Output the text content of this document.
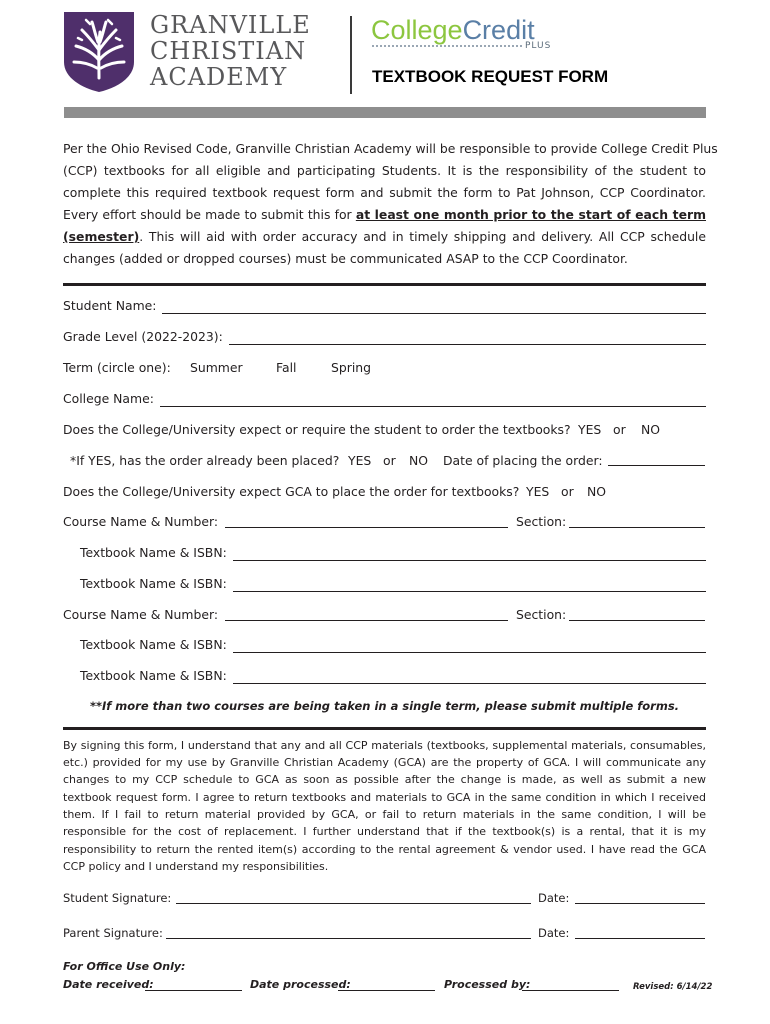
GRANVILLE
CHRISTIAN
ACADEMY
CollegeCredit
PLUS
TEXTBOOK REQUEST FORM
Per the Ohio Revised Code, Granville Christian Academy will be responsible to provide College Credit Plus
(CCP) textbooks for all eligible and participating Students. It is the responsibility of the student to
complete this required textbook request form and submit the form to Pat Johnson, CCP Coordinator.
Every effort should be made to submit this for at least one month prior to the start of each term
(semester). This will aid with order accuracy and in timely shipping and delivery. All CCP schedule
changes (added or dropped courses) must be communicated ASAP to the CCP Coordinator.
Student Name:
Grade Level (2022-2023):
Term (circle one): Summer	Fall	Spring
College Name:
Does the College/University expect or require the student to order the textbooks? YES or NO
*If YES, has the order already been placed? YES or NO Date of placing the order:
Does the College/University expect GCA to place the order for textbooks? YES or NO
Course Name & Number:	Section:
Textbook Name & ISBN:
Textbook Name & ISBN:
Course Name & Number:	Section:
Textbook Name & ISBN:
Textbook Name & ISBN:
**If more than two courses are being taken in a single term, please submit multiple forms.
By signing this form, I understand that any and all CCP materials (textbooks, supplemental materials, consumables,
etc.) provided for my use by Granville Christian Academy (GCA) are the property of GCA. I will communicate any
changes to my CCP schedule to GCA as soon as possible after the change is made, as well as submit a new
textbook request form. I agree to return textbooks and materials to GCA in the same condition in which I received
them. If I fail to return material provided by GCA, or fail to return materials in the same condition, I will be
responsible for the cost of replacement. I further understand that if the textbook(s) is a rental, that it is my
responsibility to return the rented item(s) according to the rental agreement & vendor used. I have read the GCA
CCP policy and I understand my responsibilities.
Student Signature:	Date:
Parent Signature:	Date:
For Office Use Only:
Date received:	Date processed:	Processed by:	Revised: 6/14/22
